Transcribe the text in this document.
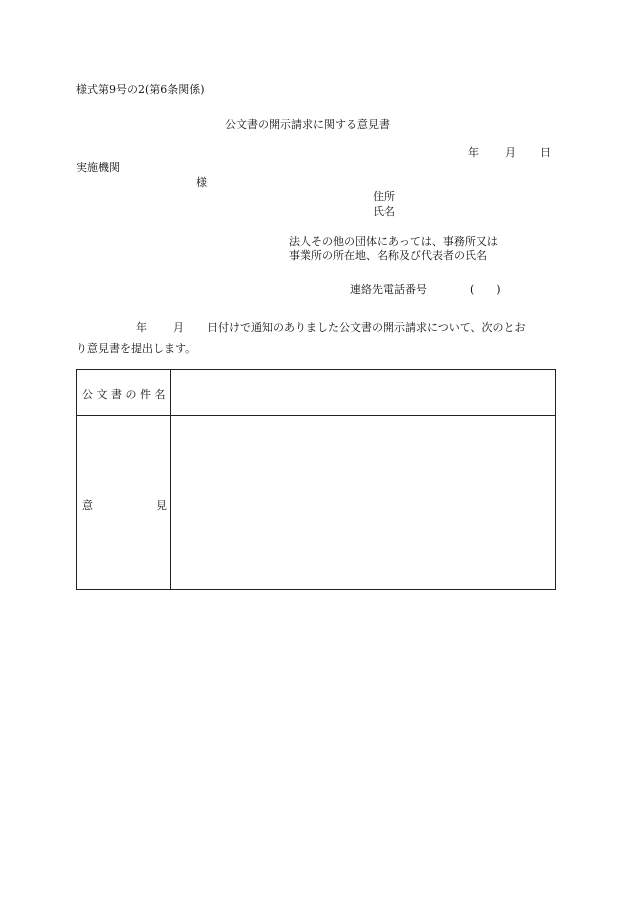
様式第9号の2(第6条関係)
公文書の開示請求に関する意見書
年 月 日
実施機関
様
住所
氏名
法人その他の団体にあっては、事務所又は
事業所の所在地、名称及び代表者の氏名
連絡先電話番号	(　　)
年 月 日付けで通知のありました公文書の開示請求について、次のとお
り意見書を提出します。
公文書の件名
意	見
